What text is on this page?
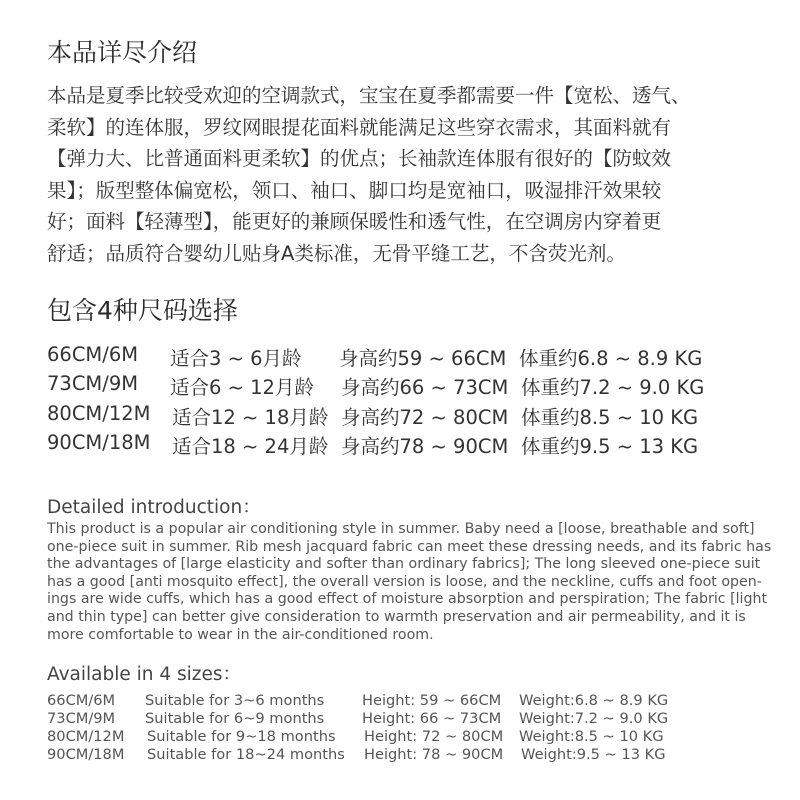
本品详尽介绍
本品是夏季比较受欢迎的空调款式，宝宝在夏季都需要一件【宽松、透气、
柔软】的连体服，罗纹网眼提花面料就能满足这些穿衣需求，其面料就有
【弹力大、比普通面料更柔软】的优点；长袖款连体服有很好的【防蚊效
果】；版型整体偏宽松，领口、袖口、脚口均是宽袖口，吸湿排汗效果较
好；面料【轻薄型】，能更好的兼顾保暖性和透气性，在空调房内穿着更
舒适；品质符合婴幼儿贴身A类标准，无骨平缝工艺，不含荧光剂。
包含4种尺码选择
66CM/6M 适合3 ~ 6月龄 身高约59 ~ 66CM 体重约6.8 ~ 8.9 KG
73CM/9M 适合6 ~ 12月龄 身高约66 ~ 73CM 体重约7.2 ~ 9.0 KG
80CM/12M 适合12 ~ 18月龄 身高约72 ~ 80CM 体重约8.5 ~ 10 KG
90CM/18M 适合18 ~ 24月龄 身高约78 ~ 90CM 体重约9.5 ~ 13 KG
Detailed introduction：
This product is a popular air conditioning style in summer. Baby need a [loose, breathable and soft]
one-piece suit in summer. Rib mesh jacquard fabric can meet these dressing needs, and its fabric has
the advantages of [large elasticity and softer than ordinary fabrics]; The long sleeved one-piece suit
has a good [anti mosquito effect], the overall version is loose, and the neckline, cuffs and foot open-
ings are wide cuffs, which has a good effect of moisture absorption and perspiration; The fabric [light
and thin type] can better give consideration to warmth preservation and air permeability, and it is
more comfortable to wear in the air-conditioned room.
Available in 4 sizes：
66CM/6M Suitable for 3~6 months	Height: 59 ~ 66CM Weight:6.8 ~ 8.9 KG
73CM/9M Suitable for 6~9 months	Height: 66 ~ 73CM Weight:7.2 ~ 9.0 KG
80CM/12M Suitable for 9~18 months Height: 72 ~ 80CM Weight:8.5 ~ 10 KG
90CM/18M Suitable for 18~24 months Height: 78 ~ 90CM Weight:9.5 ~ 13 KG
